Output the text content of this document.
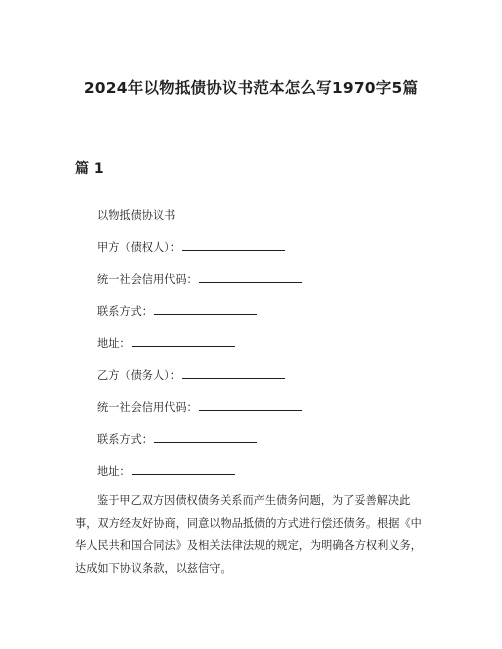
2024年以物抵债协议书范本怎么写1970字5篇
篇 1
以物抵债协议书
甲方（债权人）：
统一社会信用代码：
联系方式：
地址：
乙方（债务人）：
统一社会信用代码：
联系方式：
地址：
鉴于甲乙双方因债权债务关系而产生债务问题，为了妥善解决此
事，双方经友好协商，同意以物品抵债的方式进行偿还债务。根据《中
华人民共和国合同法》及相关法律法规的规定，为明确各方权利义务，
达成如下协议条款，以兹信守。
